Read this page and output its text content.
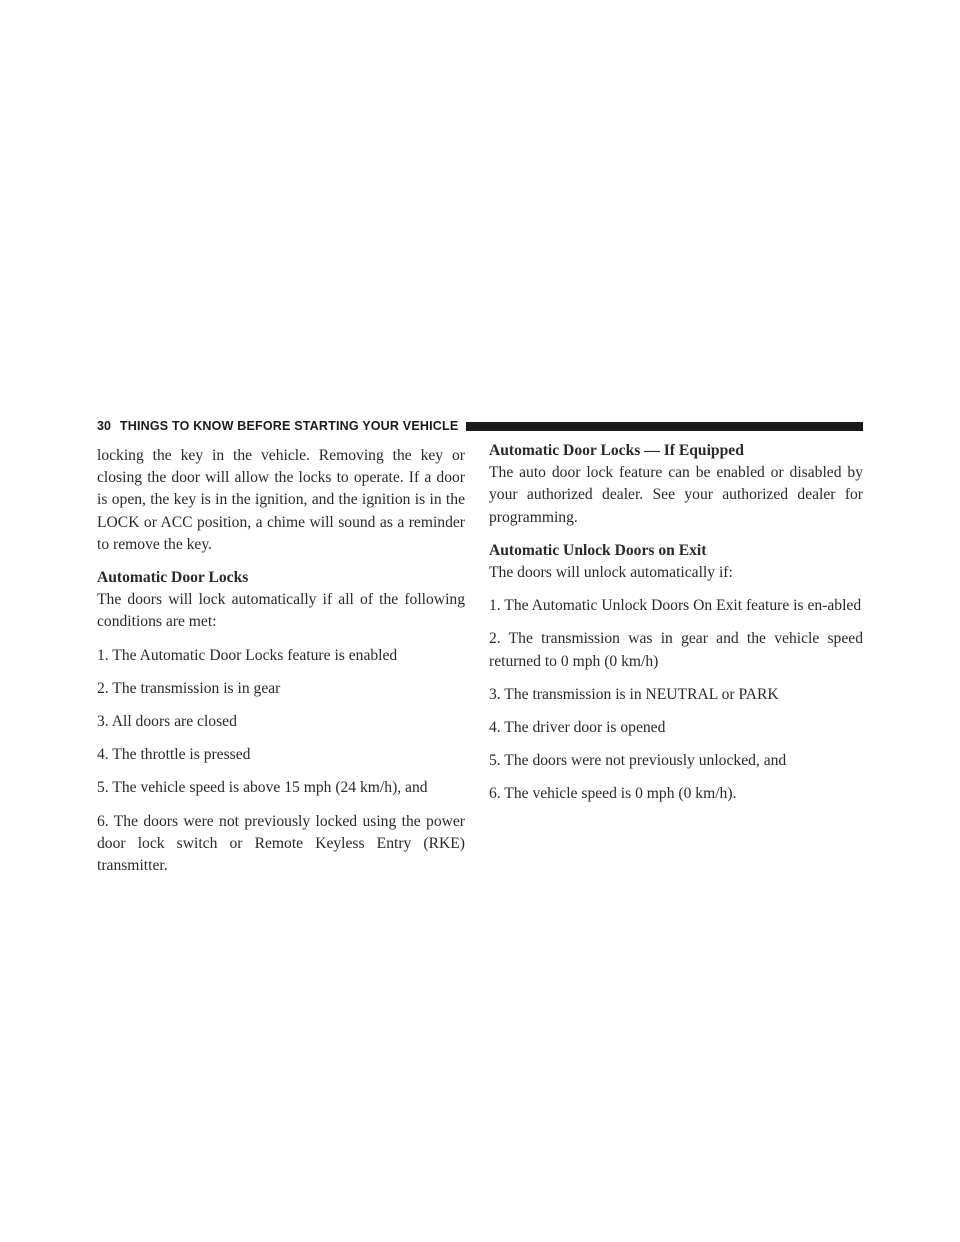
30 THINGS TO KNOW BEFORE STARTING YOUR VEHICLE

locking the key in the vehicle. Removing the key or closing the door will allow the locks to operate. If a door is open, the key is in the ignition, and the ignition is in the LOCK or ACC position, a chime will sound as a reminder to remove the key.

Automatic Door Locks

The doors will lock automatically if all of the following conditions are met:

1. The Automatic Door Locks feature is enabled

2. The transmission is in gear

3. All doors are closed

4. The throttle is pressed

5. The vehicle speed is above 15 mph (24 km/h), and

6. The doors were not previously locked using the power door lock switch or Remote Keyless Entry (RKE) transmitter.

Automatic Door Locks — If Equipped

The auto door lock feature can be enabled or disabled by your authorized dealer. See your authorized dealer for programming.

Automatic Unlock Doors on Exit

The doors will unlock automatically if:

1. The Automatic Unlock Doors On Exit feature is en-abled

2. The transmission was in gear and the vehicle speed returned to 0 mph (0 km/h)

3. The transmission is in NEUTRAL or PARK

4. The driver door is opened

5. The doors were not previously unlocked, and

6. The vehicle speed is 0 mph (0 km/h).
